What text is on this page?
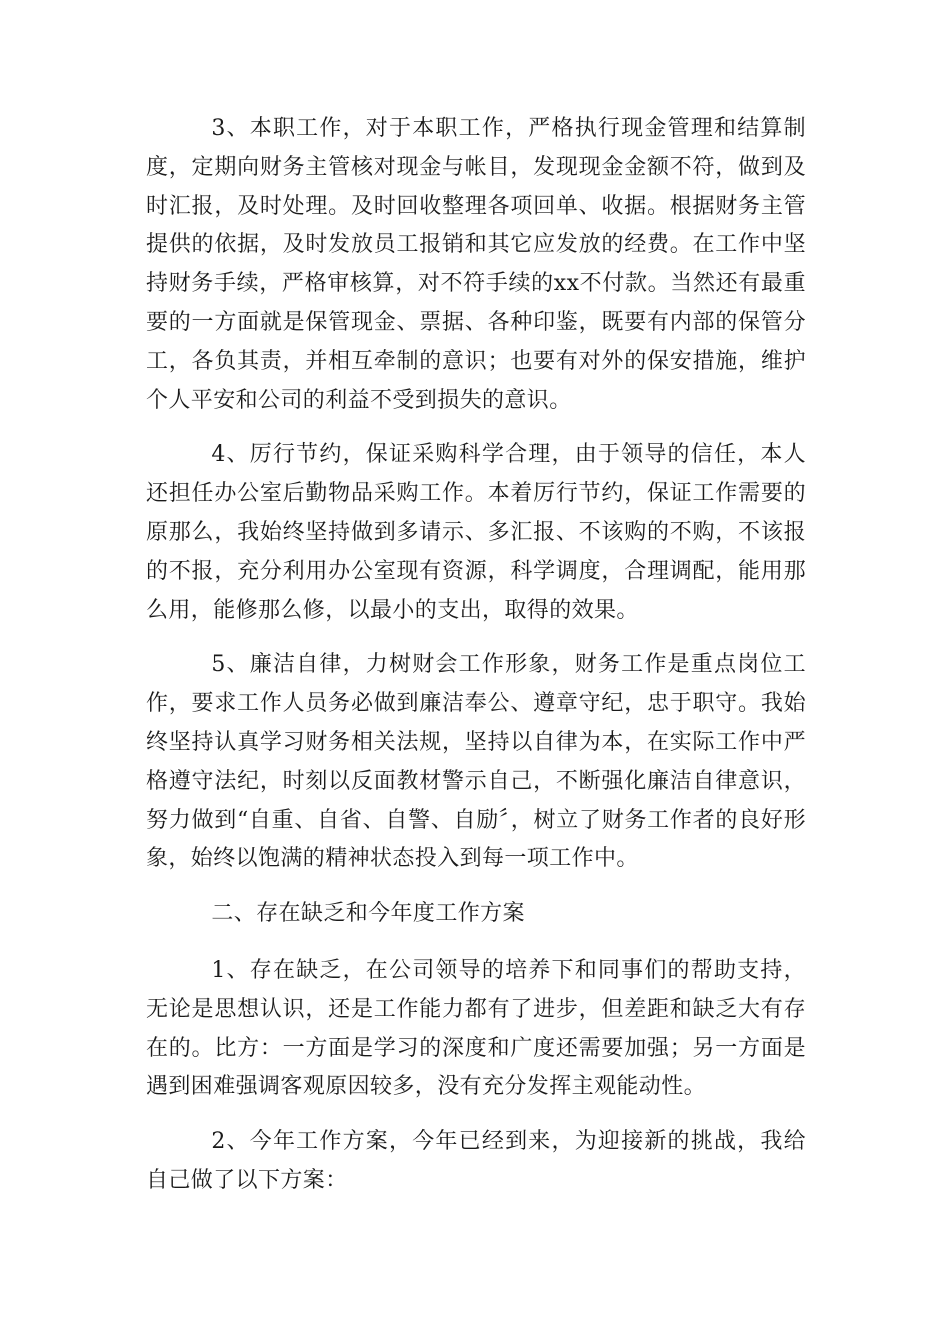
3、本职工作，对于本职工作，严格执行现金管理和结算制度，定期向财务主管核对现金与帐目，发现现金金额不符，做到及时汇报，及时处理。及时回收整理各项回单、收据。根据财务主管提供的依据，及时发放员工报销和其它应发放的经费。在工作中坚持财务手续，严格审核算，对不符手续的xx不付款。当然还有最重要的一方面就是保管现金、票据、各种印鉴，既要有内部的保管分工，各负其责，并相互牵制的意识；也要有对外的保安措施，维护个人平安和公司的利益不受到损失的意识。

4、厉行节约，保证采购科学合理，由于领导的信任，本人还担任办公室后勤物品采购工作。本着厉行节约，保证工作需要的原那么，我始终坚持做到多请示、多汇报、不该购的不购，不该报的不报，充分利用办公室现有资源，科学调度，合理调配，能用那么用，能修那么修，以最小的支出，取得的效果。

5、廉洁自律，力树财会工作形象，财务工作是重点岗位工作，要求工作人员务必做到廉洁奉公、遵章守纪，忠于职守。我始终坚持认真学习财务相关法规，坚持以自律为本，在实际工作中严格遵守法纪，时刻以反面教材警示自己，不断强化廉洁自律意识，努力做到“自重、自省、自警、自励〞，树立了财务工作者的良好形象，始终以饱满的精神状态投入到每一项工作中。

二、存在缺乏和今年度工作方案

1、存在缺乏，在公司领导的培养下和同事们的帮助支持，无论是思想认识，还是工作能力都有了进步，但差距和缺乏大有存在的。比方：一方面是学习的深度和广度还需要加强；另一方面是遇到困难强调客观原因较多，没有充分发挥主观能动性。

2、今年工作方案，今年已经到来，为迎接新的挑战，我给自己做了以下方案：
